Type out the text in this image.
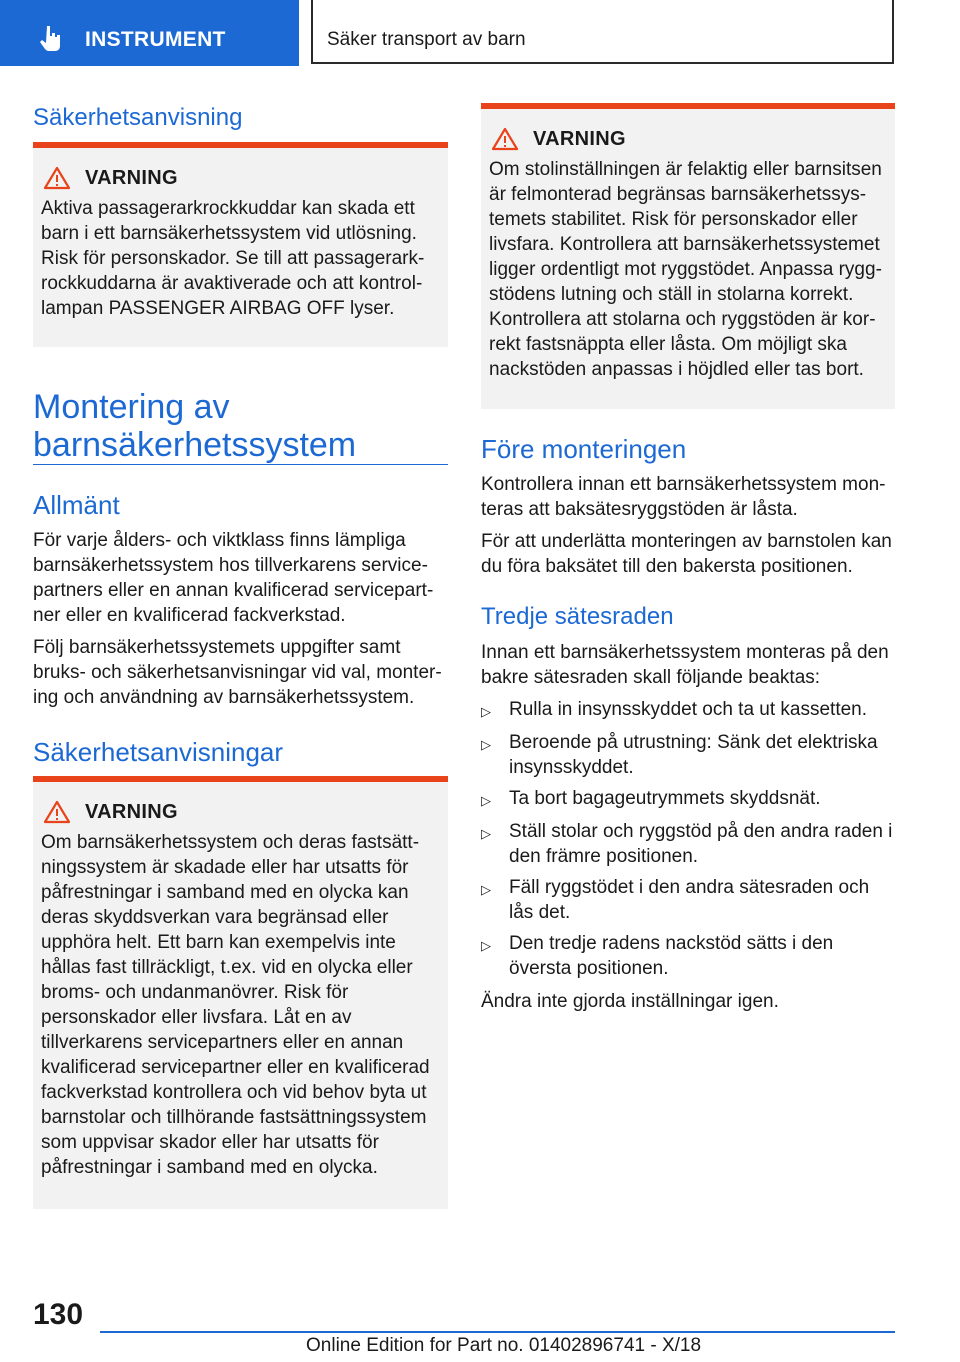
INSTRUMENT	Säker transport av barn
Säkerhetsanvisning
VARNING

Aktiva passagerarkrockkuddar kan skada ett barn i ett barnsäkerhetssystem vid utlösning. Risk för personskador. Se till att passagerarkrockkuddarna är avaktiverade och att kontrollampan PASSENGER AIRBAG OFF lyser.

Montering av barnsäkerhetssystem
Allmänt

För varje ålders- och viktklass finns lämpliga barnsäkerhetssystem hos tillverkarens servicepartners eller en annan kvalificerad servicepartner eller en kvalificerad fackverkstad.

Följ barnsäkerhetssystemets uppgifter samt bruks- och säkerhetsanvisningar vid val, montering och användning av barnsäkerhetssystem.

Säkerhetsanvisningar
VARNING

Om barnsäkerhetssystem och deras fastsättningssystem är skadade eller har utsatts för påfrestningar i samband med en olycka kan deras skyddsverkan vara begränsad eller upphöra helt. Ett barn kan exempelvis inte hållas fast tillräckligt, t.ex. vid en olycka eller broms- och undanmanövrer. Risk för personskador eller livsfara. Låt en av tillverkarens servicepartners eller en annan kvalificerad servicepartner eller en kvalificerad fackverkstad kontrollera och vid behov byta ut barnstolar och tillhörande fastsättningssystem som uppvisar skador eller har utsatts för påfrestningar i samband med en olycka.

VARNING

Om stolinställningen är felaktig eller barnsitsen är felmonterad begränsas barnsäkerhetssystemets stabilitet. Risk för personskador eller livsfara. Kontrollera att barnsäkerhetssystemet ligger ordentligt mot ryggstödet. Anpassa ryggstödens lutning och ställ in stolarna korrekt. Kontrollera att stolarna och ryggstöden är korrekt fastsnäppta eller låsta. Om möjligt ska nackstöden anpassas i höjdled eller tas bort.

Före monteringen

Kontrollera innan ett barnsäkerhetssystem monteras att baksätesryggstöden är låsta.

För att underlätta monteringen av barnstolen kan du föra baksätet till den bakersta positionen.

Tredje sätesraden

Innan ett barnsäkerhetssystem monteras på den bakre sätesraden skall följande beaktas:

▷ Rulla in insynsskyddet och ta ut kassetten.
▷ Beroende på utrustning: Sänk det elektriska insynsskyddet.
▷ Ta bort bagageutrymmets skyddsnät.
▷ Ställ stolar och ryggstöd på den andra raden i den främre positionen.
▷ Fäll ryggstödet i den andra sätesraden och lås det.
▷ Den tredje radens nackstöd sätts i den översta positionen.

Ändra inte gjorda inställningar igen.

130
Online Edition for Part no. 01402896741 - X/18
